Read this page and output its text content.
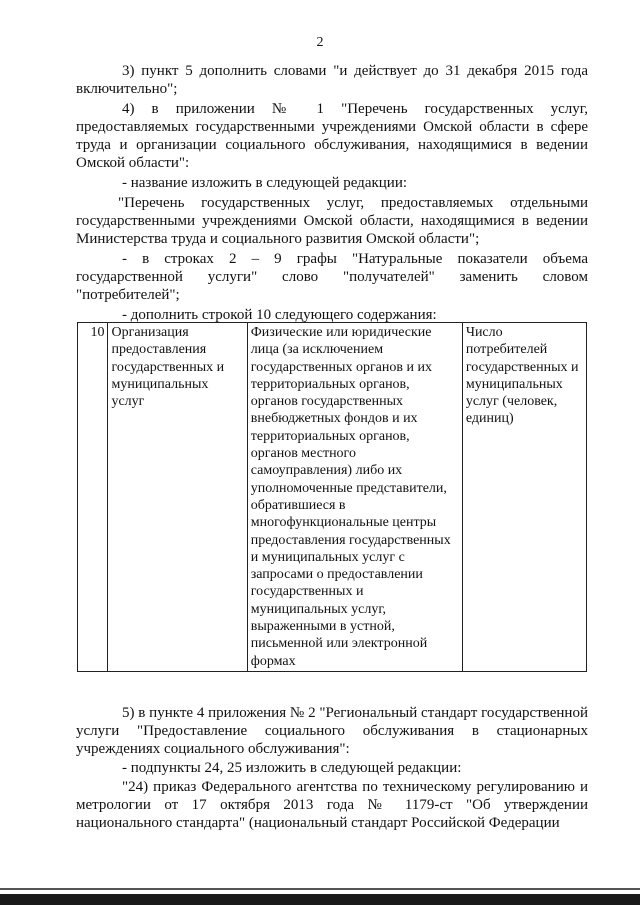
2

3) пункт 5 дополнить словами "и действует до 31 декабря 2015 года включительно";

4) в приложении № 1 "Перечень государственных услуг, предоставляемых государственными учреждениями Омской области в сфере труда и организации социального обслуживания, находящимися в ведении Омской области":

- название изложить в следующей редакции:

"Перечень государственных услуг, предоставляемых отдельными государственными учреждениями Омской области, находящимися в ведении Министерства труда и социального развития Омской области";

- в строках 2 – 9 графы "Натуральные показатели объема государственной услуги" слово "получателей" заменить словом "потребителей";

- дополнить строкой 10 следующего содержания:

10	Организация предоставления государственных и муниципальных услуг	Физические или юридические лица (за исключением государственных органов и их территориальных органов, органов государственных внебюджетных фондов и их территориальных органов, органов местного самоуправления) либо их уполномоченные представители, обратившиеся в многофункциональные центры предоставления государственных и муниципальных услуг с запросами о предоставлении государственных и муниципальных услуг, выраженными в устной, письменной или электронной формах	Число потребителей государственных и муниципальных услуг (человек, единиц)

5) в пункте 4 приложения № 2 "Региональный стандарт государственной услуги "Предоставление социального обслуживания в стационарных учреждениях социального обслуживания":

- подпункты 24, 25 изложить в следующей редакции:

"24) приказ Федерального агентства по техническому регулированию и метрологии от 17 октября 2013 года № 1179-ст "Об утверждении национального стандарта" (национальный стандарт Российской Федерации
